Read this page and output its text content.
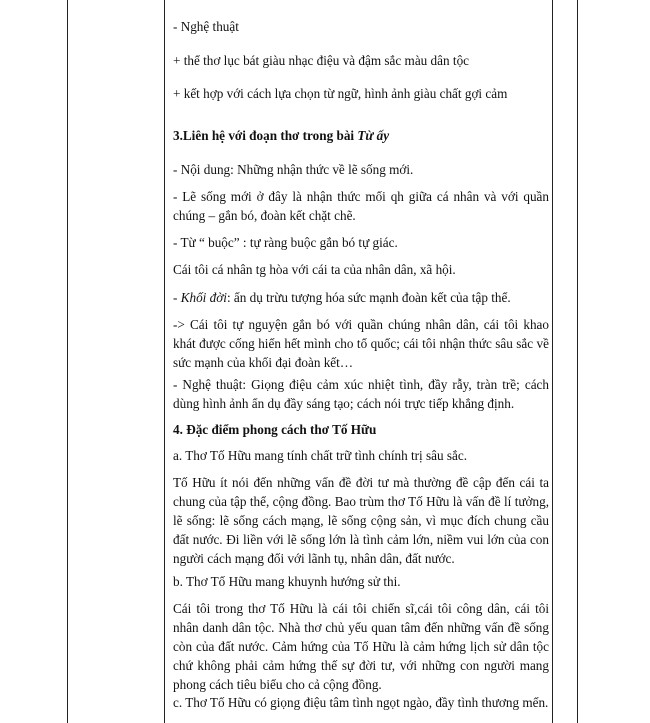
- Nghệ thuật

+ thể thơ lục bát giàu nhạc điệu và đậm sắc màu dân tộc

+ kết hợp với cách lựa chọn từ ngữ, hình ảnh giàu chất gợi cảm

3.Liên hệ với đoạn thơ trong bài Từ ấy

- Nội dung: Những nhận thức về lẽ sống mới.

- Lẽ sống mới ở đây là nhận thức mối qh giữa cá nhân và với quần chúng – gắn bó, đoàn kết chặt chẽ.

- Từ “ buộc” : tự ràng buộc gắn bó tự giác.

Cái tôi cá nhân tg hòa với cái ta của nhân dân, xã hội.

- Khối đời: ẩn dụ trừu tượng hóa sức mạnh đoàn kết của tập thể.

-> Cái tôi tự nguyện gắn bó với quần chúng nhân dân, cái tôi khao khát được cống hiến hết mình cho tổ quốc; cái tôi nhận thức sâu sắc về sức mạnh của khối đại đoàn kết…

- Nghệ thuật: Giọng điệu cảm xúc nhiệt tình, đầy rẫy, tràn trề; cách dùng hình ảnh ẩn dụ đầy sáng tạo; cách nói trực tiếp khẳng định.

4. Đặc điểm phong cách thơ Tố Hữu

a. Thơ Tố Hữu mang tính chất trữ tình chính trị sâu sắc.

Tố Hữu ít nói đến những vấn đề đời tư mà thường đề cập đến cái ta chung của tập thể, cộng đồng. Bao trùm thơ Tố Hữu là vấn đề lí tưởng, lẽ sống: lẽ sống cách mạng, lẽ sống cộng sản, vì mục đích chung cầu đất nước. Đi liền với lẽ sống lớn là tình cảm lớn, niềm vui lớn của con người cách mạng đối với lãnh tụ, nhân dân, đất nước.

b. Thơ Tố Hữu mang khuynh hướng sử thi.

Cái tôi trong thơ Tố Hữu là cái tôi chiến sĩ,cái tôi công dân, cái tôi nhân danh dân tộc. Nhà thơ chủ yếu quan tâm đến những vấn đề sống còn của đất nước. Cảm hứng của Tố Hữu là cảm hứng lịch sử dân tộc chứ không phải cảm hứng thế sự đời tư, với những con người mang phong cách tiêu biểu cho cả cộng đồng.

c. Thơ Tố Hữu có giọng điệu tâm tình ngọt ngào, đầy tình thương mến.
